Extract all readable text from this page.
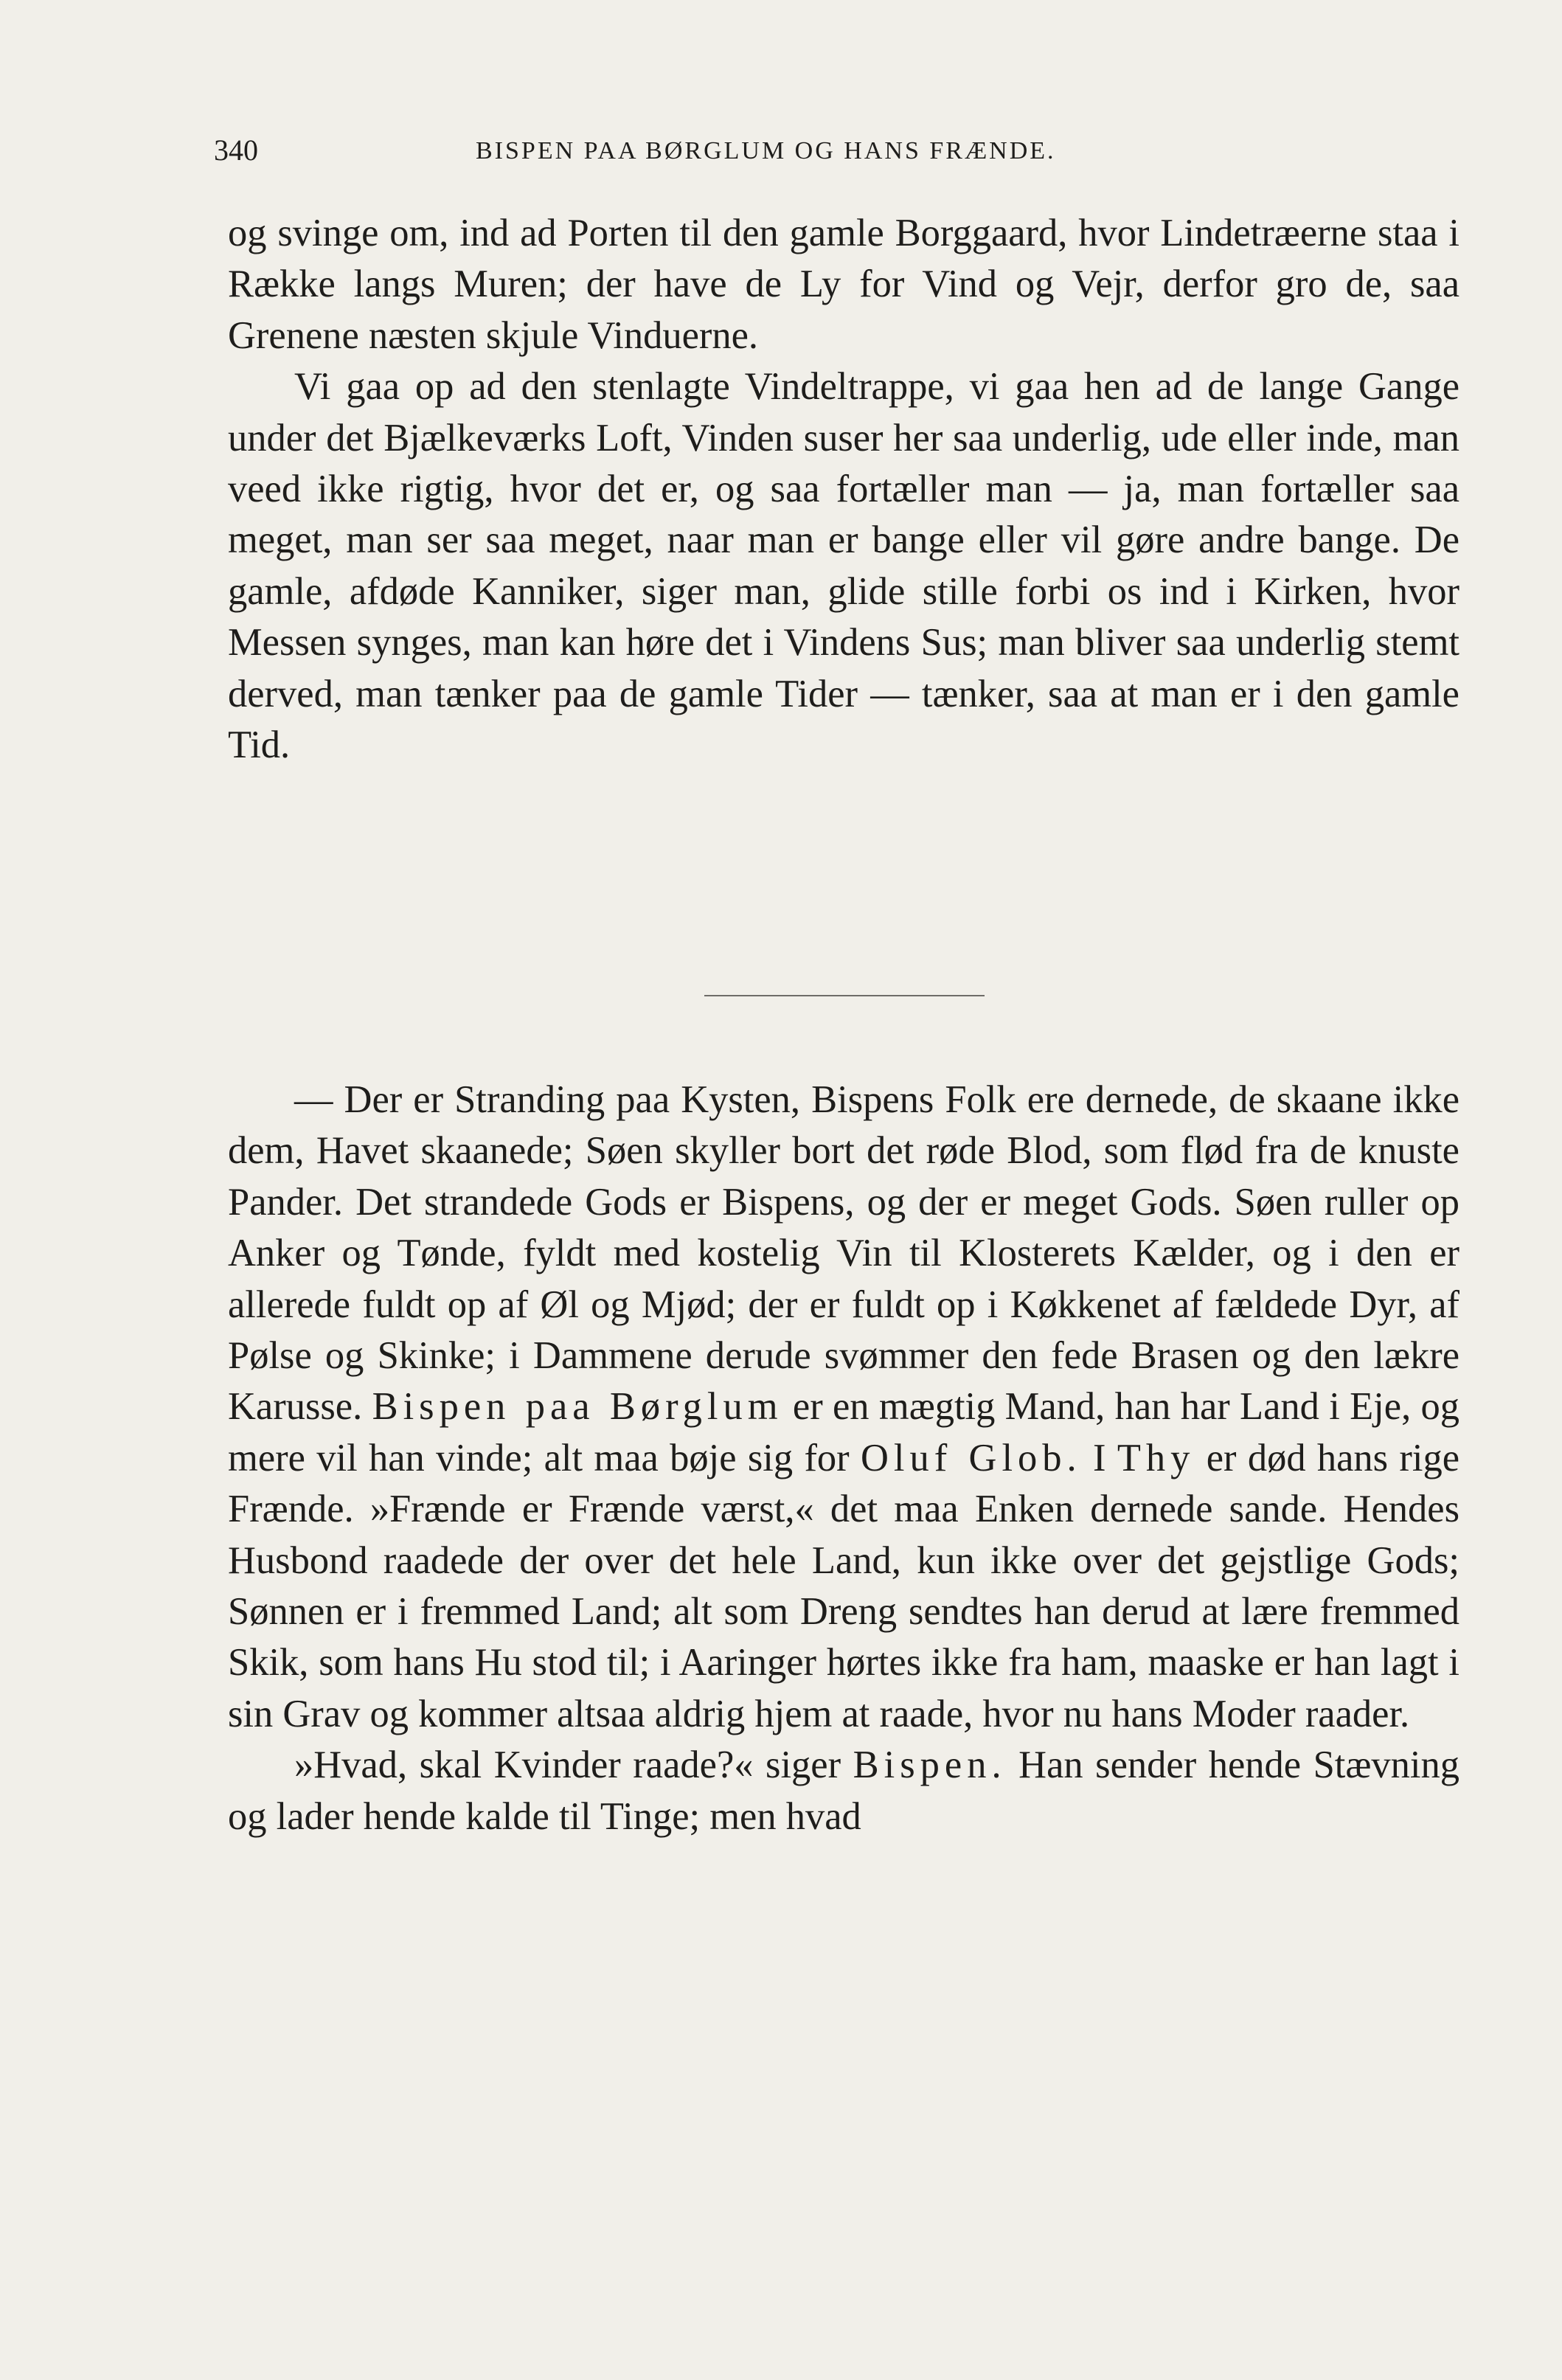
340	BISPEN PAA BØRGLUM OG HANS FRÆNDE.

og svinge om, ind ad Porten til den gamle Borggaard, hvor Lindetræerne staa i Række langs Muren; der have de Ly for Vind og Vejr, derfor gro de, saa Grenene næsten skjule Vinduerne.

Vi gaa op ad den stenlagte Vindeltrappe, vi gaa hen ad de lange Gange under det Bjælkeværks Loft, Vinden suser her saa underlig, ude eller inde, man veed ikke rigtig, hvor det er, og saa fortæller man — ja, man fortæller saa meget, man ser saa meget, naar man er bange eller vil gøre andre bange. De gamle, afdøde Kanniker, siger man, glide stille forbi os ind i Kirken, hvor Messen synges, man kan høre det i Vindens Sus; man bliver saa underlig stemt derved, man tænker paa de gamle Tider — tænker, saa at man er i den gamle Tid.

— Der er Stranding paa Kysten, Bispens Folk ere dernede, de skaane ikke dem, Havet skaanede; Søen skyller bort det røde Blod, som flød fra de knuste Pander. Det strandede Gods er Bispens, og der er meget Gods. Søen ruller op Anker og Tønde, fyldt med kostelig Vin til Klosterets Kælder, og i den er allerede fuldt op af Øl og Mjød; der er fuldt op i Køkkenet af fældede Dyr, af Pølse og Skinke; i Dammene derude svømmer den fede Brasen og den lækre Karusse. Bispen paa Børglum er en mægtig Mand, han har Land i Eje, og mere vil han vinde; alt maa bøje sig for Oluf Glob. I Thy er død hans rige Frænde. »Frænde er Frænde værst,« det maa Enken dernede sande. Hendes Husbond raadede der over det hele Land, kun ikke over det gejstlige Gods; Sønnen er i fremmed Land; alt som Dreng sendtes han derud at lære fremmed Skik, som hans Hu stod til; i Aaringer hørtes ikke fra ham, maaske er han lagt i sin Grav og kommer altsaa aldrig hjem at raade, hvor nu hans Moder raader.

»Hvad, skal Kvinder raade?« siger Bispen. Han sender hende Stævning og lader hende kalde til Tinge; men hvad
